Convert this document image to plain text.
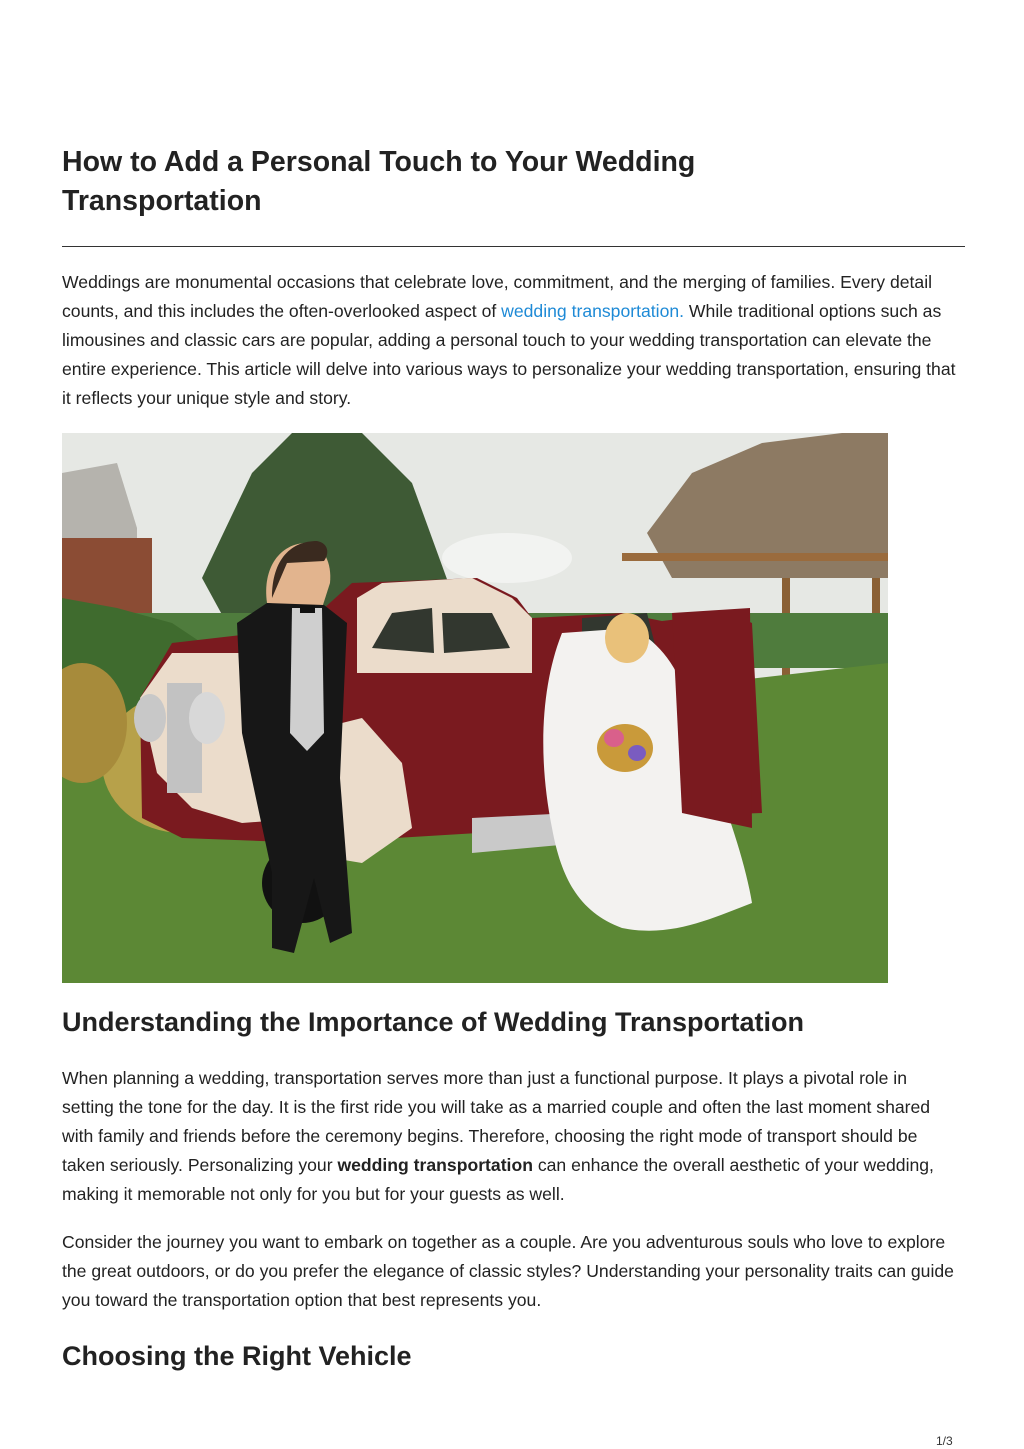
How to Add a Personal Touch to Your Wedding Transportation

Weddings are monumental occasions that celebrate love, commitment, and the merging of families. Every detail counts, and this includes the often-overlooked aspect of wedding transportation. While traditional options such as limousines and classic cars are popular, adding a personal touch to your wedding transportation can elevate the entire experience. This article will delve into various ways to personalize your wedding transportation, ensuring that it reflects your unique style and story.

Understanding the Importance of Wedding Transportation

When planning a wedding, transportation serves more than just a functional purpose. It plays a pivotal role in setting the tone for the day. It is the first ride you will take as a married couple and often the last moment shared with family and friends before the ceremony begins. Therefore, choosing the right mode of transport should be taken seriously. Personalizing your wedding transportation can enhance the overall aesthetic of your wedding, making it memorable not only for you but for your guests as well.

Consider the journey you want to embark on together as a couple. Are you adventurous souls who love to explore the great outdoors, or do you prefer the elegance of classic styles? Understanding your personality traits can guide you toward the transportation option that best represents you.

Choosing the Right Vehicle
1/3
